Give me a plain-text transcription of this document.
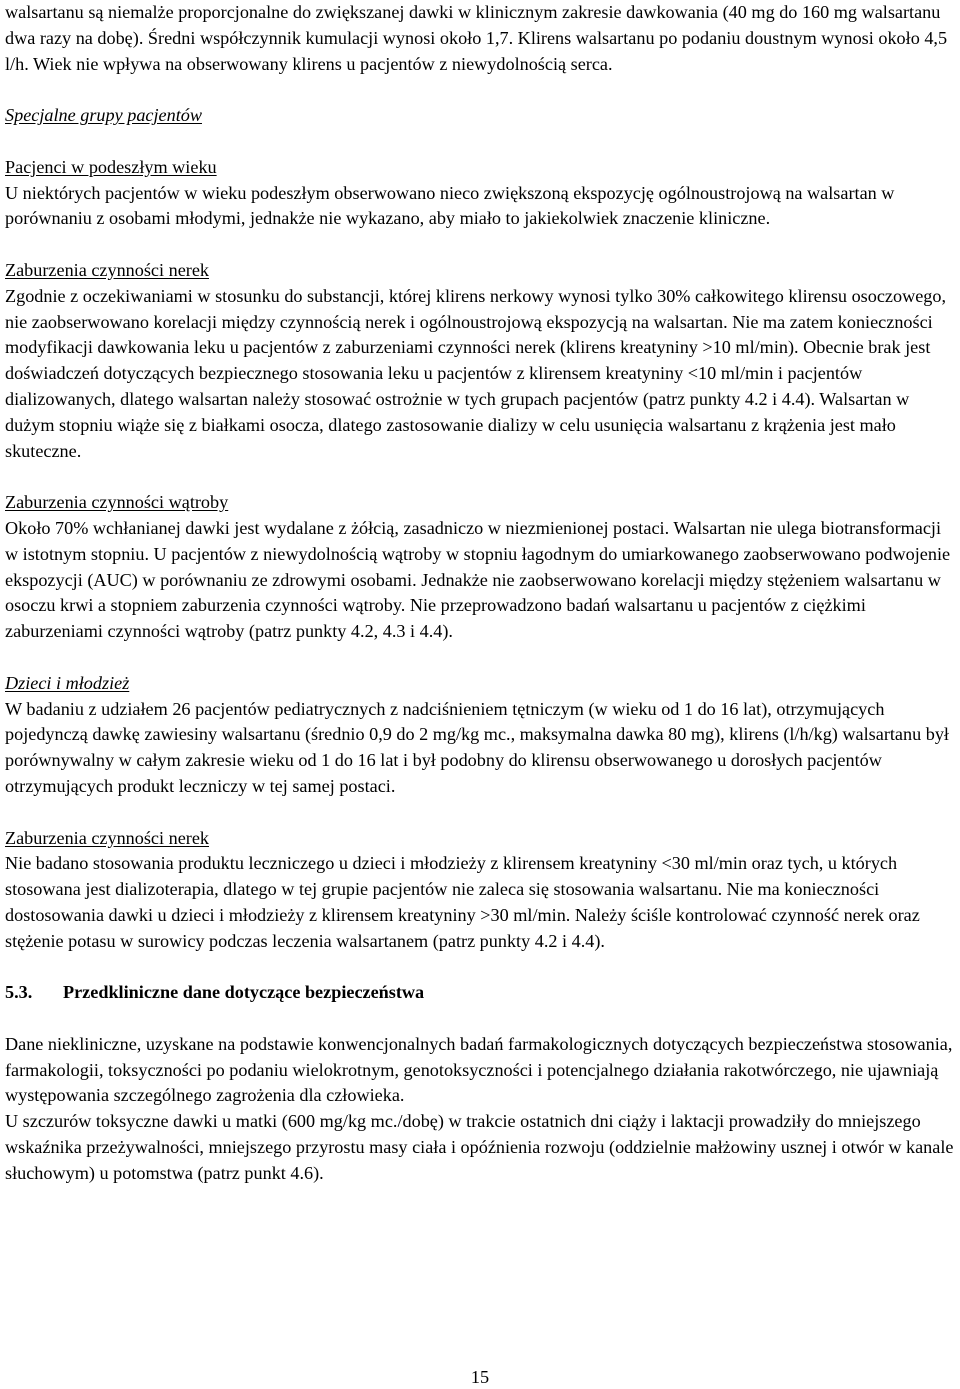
walsartanu są niemalże proporcjonalne do zwiększanej dawki w klinicznym zakresie dawkowania (40 mg do 160 mg walsartanu dwa razy na dobę). Średni współczynnik kumulacji wynosi około 1,7. Klirens walsartanu po podaniu doustnym wynosi około 4,5 l/h. Wiek nie wpływa na obserwowany klirens u pacjentów z niewydolnością serca.

Specjalne grupy pacjentów

Pacjenci w podeszłym wieku

U niektórych pacjentów w wieku podeszłym obserwowano nieco zwiększoną ekspozycję ogólnoustrojową na walsartan w porównaniu z osobami młodymi, jednakże nie wykazano, aby miało to jakiekolwiek znaczenie kliniczne.

Zaburzenia czynności nerek

Zgodnie z oczekiwaniami w stosunku do substancji, której klirens nerkowy wynosi tylko 30% całkowitego klirensu osoczowego, nie zaobserwowano korelacji między czynnością nerek i ogólnoustrojową ekspozycją na walsartan. Nie ma zatem konieczności modyfikacji dawkowania leku u pacjentów z zaburzeniami czynności nerek (klirens kreatyniny >10 ml/min). Obecnie brak jest doświadczeń dotyczących bezpiecznego stosowania leku u pacjentów z klirensem kreatyniny <10 ml/min i pacjentów dializowanych, dlatego walsartan należy stosować ostrożnie w tych grupach pacjentów (patrz punkty 4.2 i 4.4). Walsartan w dużym stopniu wiąże się z białkami osocza, dlatego zastosowanie dializy w celu usunięcia walsartanu z krążenia jest mało skuteczne.

Zaburzenia czynności wątroby

Około 70% wchłanianej dawki jest wydalane z żółcią, zasadniczo w niezmienionej postaci. Walsartan nie ulega biotransformacji w istotnym stopniu. U pacjentów z niewydolnością wątroby w stopniu łagodnym do umiarkowanego zaobserwowano podwojenie ekspozycji (AUC) w porównaniu ze zdrowymi osobami. Jednakże nie zaobserwowano korelacji między stężeniem walsartanu w osoczu krwi a stopniem zaburzenia czynności wątroby. Nie przeprowadzono badań walsartanu u pacjentów z ciężkimi zaburzeniami czynności wątroby (patrz punkty 4.2, 4.3 i 4.4).

Dzieci i młodzież

W badaniu z udziałem 26 pacjentów pediatrycznych z nadciśnieniem tętniczym (w wieku od 1 do 16 lat), otrzymujących pojedynczą dawkę zawiesiny walsartanu (średnio 0,9 do 2 mg/kg mc., maksymalna dawka 80 mg), klirens (l/h/kg) walsartanu był porównywalny w całym zakresie wieku od 1 do 16 lat i był podobny do klirensu obserwowanego u dorosłych pacjentów otrzymujących produkt leczniczy w tej samej postaci.

Zaburzenia czynności nerek

Nie badano stosowania produktu leczniczego u dzieci i młodzieży z klirensem kreatyniny <30 ml/min oraz tych, u których stosowana jest dializoterapia, dlatego w tej grupie pacjentów nie zaleca się stosowania walsartanu. Nie ma konieczności dostosowania dawki u dzieci i młodzieży z klirensem kreatyniny >30 ml/min. Należy ściśle kontrolować czynność nerek oraz stężenie potasu w surowicy podczas leczenia walsartanem (patrz punkty 4.2 i 4.4).

5.3.	Przedkliniczne dane dotyczące bezpieczeństwa

Dane niekliniczne, uzyskane na podstawie konwencjonalnych badań farmakologicznych dotyczących bezpieczeństwa stosowania, farmakologii, toksyczności po podaniu wielokrotnym, genotoksyczności i potencjalnego działania rakotwórczego, nie ujawniają występowania szczególnego zagrożenia dla człowieka.

U szczurów toksyczne dawki u matki (600 mg/kg mc./dobę) w trakcie ostatnich dni ciąży i laktacji prowadziły do mniejszego wskaźnika przeżywalności, mniejszego przyrostu masy ciała i opóźnienia rozwoju (oddzielnie małżowiny usznej i otwór w kanale słuchowym) u potomstwa (patrz punkt 4.6).

15
